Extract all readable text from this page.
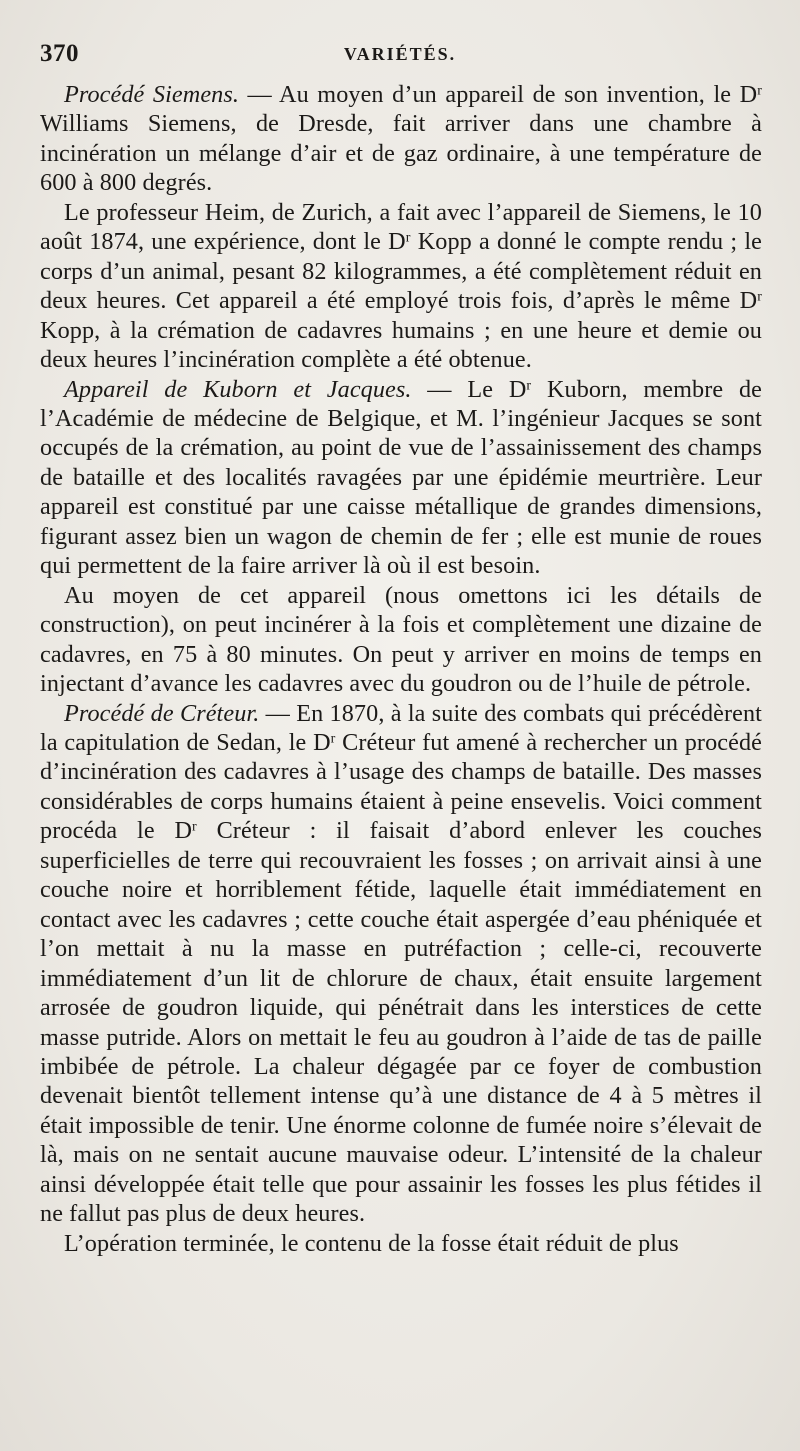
370	VARIÉTÉS.

Procédé Siemens. — Au moyen d’un appareil de son invention, le $D^r$ Williams Siemens, de Dresde, fait arriver dans une chambre à incinération un mélange d’air et de gaz ordinaire, à une température de 600 à 800 degrés.

Le professeur Heim, de Zurich, a fait avec l’appareil de Siemens, le 10 août 1874, une expérience, dont le $D^r$ Kopp a donné le compte rendu ; le corps d’un animal, pesant 82 kilogrammes, a été complètement réduit en deux heures. Cet appareil a été employé trois fois, d’après le même $D^r$ Kopp, à la crémation de cadavres humains ; en une heure et demie ou deux heures l’incinération complète a été obtenue.

Appareil de Kuborn et Jacques. — Le $D^r$ Kuborn, membre de l’Académie de médecine de Belgique, et M. l’ingénieur Jacques se sont occupés de la crémation, au point de vue de l’assainissement des champs de bataille et des localités ravagées par une épidémie meurtrière. Leur appareil est constitué par une caisse métallique de grandes dimensions, figurant assez bien un wagon de chemin de fer ; elle est munie de roues qui permettent de la faire arriver là où il est besoin.

Au moyen de cet appareil (nous omettons ici les détails de construction), on peut incinérer à la fois et complètement une dizaine de cadavres, en 75 à 80 minutes. On peut y arriver en moins de temps en injectant d’avance les cadavres avec du goudron ou de l’huile de pétrole.

Procédé de Créteur. — En 1870, à la suite des combats qui précédèrent la capitulation de Sedan, le $D^r$ Créteur fut amené à rechercher un procédé d’incinération des cadavres à l’usage des champs de bataille. Des masses considérables de corps humains étaient à peine ensevelis. Voici comment procéda le $D^r$ Créteur : il faisait d’abord enlever les couches superficielles de terre qui recouvraient les fosses ; on arrivait ainsi à une couche noire et horriblement fétide, laquelle était immédiatement en contact avec les cadavres ; cette couche était aspergée d’eau phéniquée et l’on mettait à nu la masse en putréfaction ; celle-ci, recouverte immédiatement d’un lit de chlorure de chaux, était ensuite largement arrosée de goudron liquide, qui pénétrait dans les interstices de cette masse putride. Alors on mettait le feu au goudron à l’aide de tas de paille imbibée de pétrole. La chaleur dégagée par ce foyer de combustion devenait bientôt tellement intense qu’à une distance de 4 à 5 mètres il était impossible de tenir. Une énorme colonne de fumée noire s’élevait de là, mais on ne sentait aucune mauvaise odeur. L’intensité de la chaleur ainsi développée était telle que pour assainir les fosses les plus fétides il ne fallut pas plus de deux heures.

L’opération terminée, le contenu de la fosse était réduit de plus
